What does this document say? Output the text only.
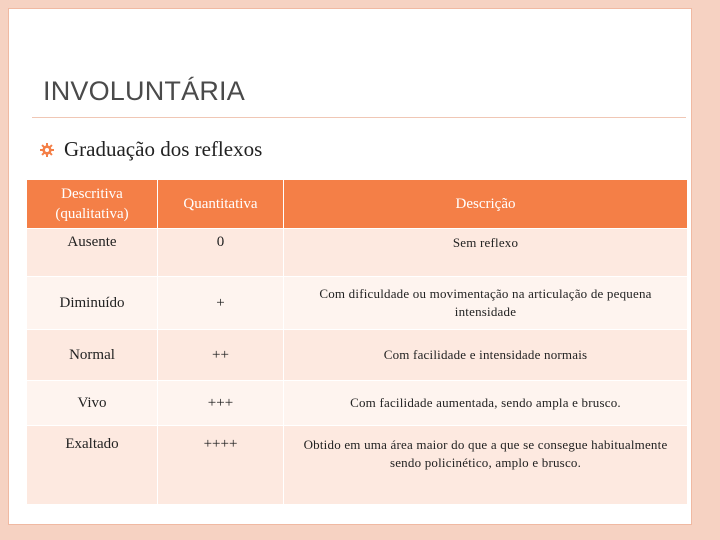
INVOLUNTÁRIA
Graduação dos reflexos
Descritiva (qualitativa)	Quantitativa	Descrição
Ausente	0	Sem reflexo
Diminuído	+	Com dificuldade ou movimentação na articulação de pequena intensidade
Normal	++	Com facilidade e intensidade normais
Vivo	+++	Com facilidade aumentada, sendo ampla e brusco.
Exaltado	++++	Obtido em uma área maior do que a que se consegue habitualmente sendo policinético, amplo e brusco.
